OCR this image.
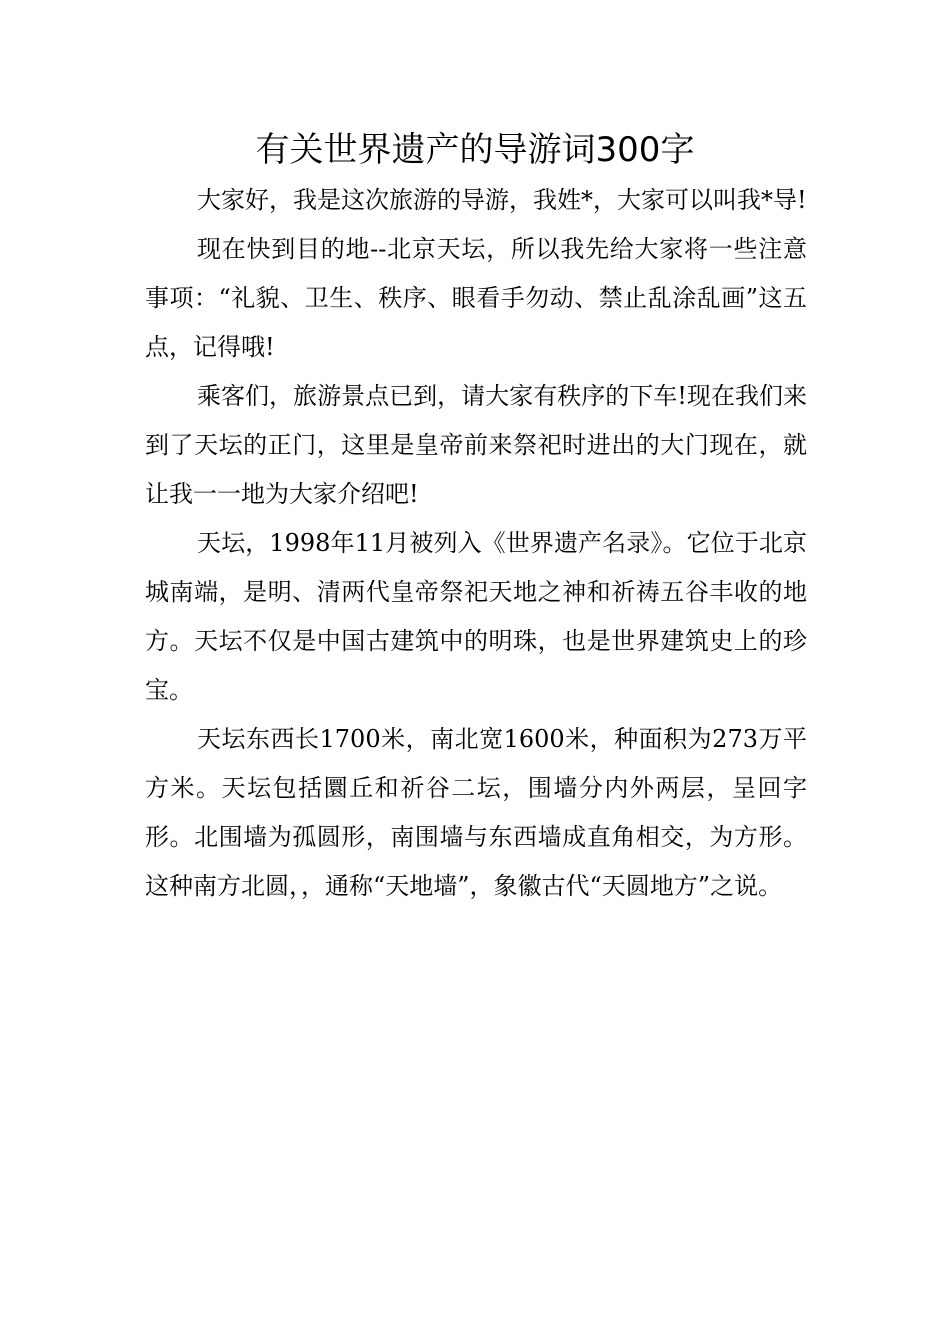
有关世界遗产的导游词300字

大家好，我是这次旅游的导游，我姓*，大家可以叫我*导!

现在快到目的地--北京天坛，所以我先给大家将一些注意事项：“礼貌、卫生、秩序、眼看手勿动、禁止乱涂乱画”这五点，记得哦!

乘客们，旅游景点已到，请大家有秩序的下车!现在我们来到了天坛的正门，这里是皇帝前来祭祀时进出的大门现在，就让我一一地为大家介绍吧!

天坛，1998年11月被列入《世界遗产名录》。它位于北京城南端，是明、清两代皇帝祭祀天地之神和祈祷五谷丰收的地方。天坛不仅是中国古建筑中的明珠，也是世界建筑史上的珍宝。

天坛东西长1700米，南北宽1600米，种面积为273万平方米。天坛包括圜丘和祈谷二坛，围墙分内外两层，呈回字形。北围墙为孤圆形，南围墙与东西墙成直角相交，为方形。这种南方北圆，，通称“天地墙”，象徽古代“天圆地方”之说。
